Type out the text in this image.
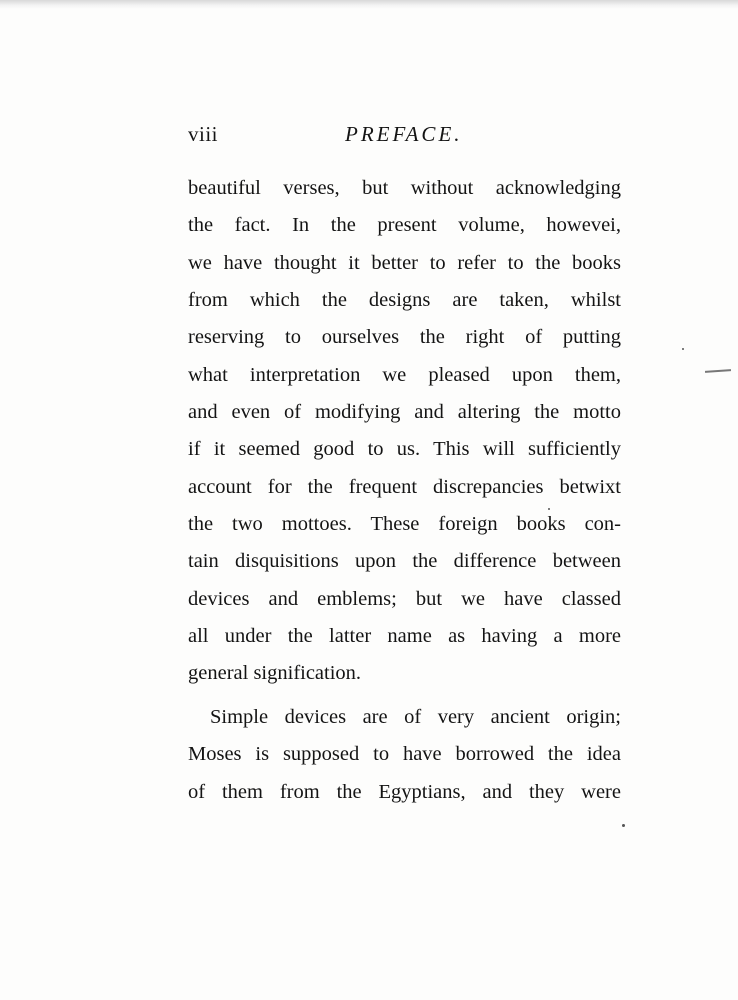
viii	PREFACE.
beautiful verses, but without acknowledging
the fact. In the present volume, howevei,
we have thought it better to refer to the books
from which the designs are taken, whilst
reserving to ourselves the right of putting
what interpretation we pleased upon them,
and even of modifying and altering the motto
if it seemed good to us. This will sufficiently
account for the frequent discrepancies betwixt
the two mottoes. These foreign books con-
tain disquisitions upon the difference between
devices and emblems; but we have classed
all under the latter name as having a more
general signification.
Simple devices are of very ancient origin;
Moses is supposed to have borrowed the idea
of them from the Egyptians, and they were
